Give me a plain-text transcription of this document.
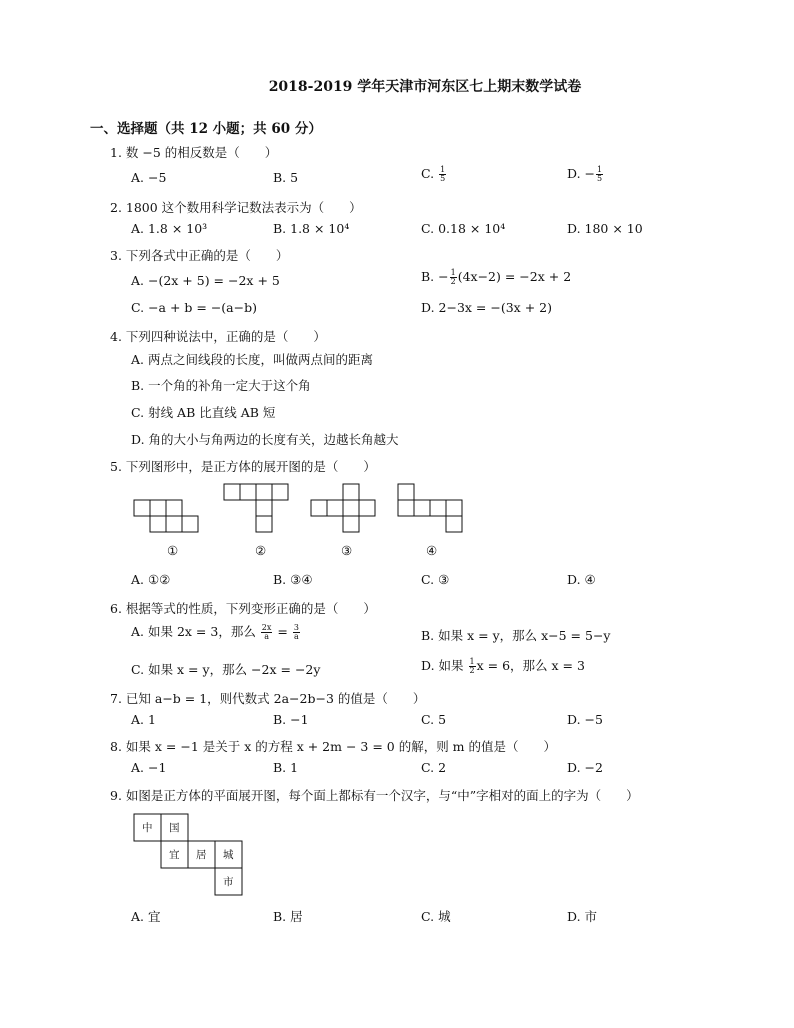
2018-2019 学年天津市河东区七上期末数学试卷
一、选择题（共 12 小题；共 60 分）
1. 数 −5 的相反数是（　　）
A. −5	B. 5	C. $\frac{1}{5}$	D. − $\frac{1}{5}$
2. 1800 这个数用科学记数法表示为（　　）
A. 1.8 × 10³	B. 1.8 × 10⁴	C. 0.18 × 10⁴	D. 180 × 10
3. 下列各式中正确的是（　　）
A. −(2x + 5) = −2x + 5	B. − $\frac{1}{2} (4x-2) = -2x + 2$
C. −a + b = −(a−b)	D. 2−3x = −(3x + 2)
4. 下列四种说法中，正确的是（　　）
A. 两点之间线段的长度，叫做两点间的距离
B. 一个角的补角一定大于这个角
C. 射线 AB 比直线 AB 短
D. 角的大小与角两边的长度有关，边越长角越大
5. 下列图形中，是正方体的展开图的是（　　）
①	②	③	④
A. ①②	B. ③④	C. ③	D. ④
6. 根据等式的性质，下列变形正确的是（　　）
A. 如果 2x = 3，那么 $\frac{2x}{a} = \frac{3}{a}$	B. 如果 x = y，那么 x−5 = 5−y
C. 如果 x = y，那么 −2x = −2y	D. 如果 $\frac{1}{2}$ x = 6，那么 x = 3
7. 已知 a−b = 1，则代数式 2a−2b−3 的值是（　　）
A. 1	B. −1	C. 5	D. −5
8. 如果 x = −1 是关于 x 的方程 x + 2m − 3 = 0 的解，则 m 的值是（　　）
A. −1	B. 1	C. 2	D. −2
9. 如图是正方体的平面展开图，每个面上都标有一个汉字，与“中”字相对的面上的字为（　　）
中 国
宜 居 城
市
A. 宜	B. 居	C. 城	D. 市
